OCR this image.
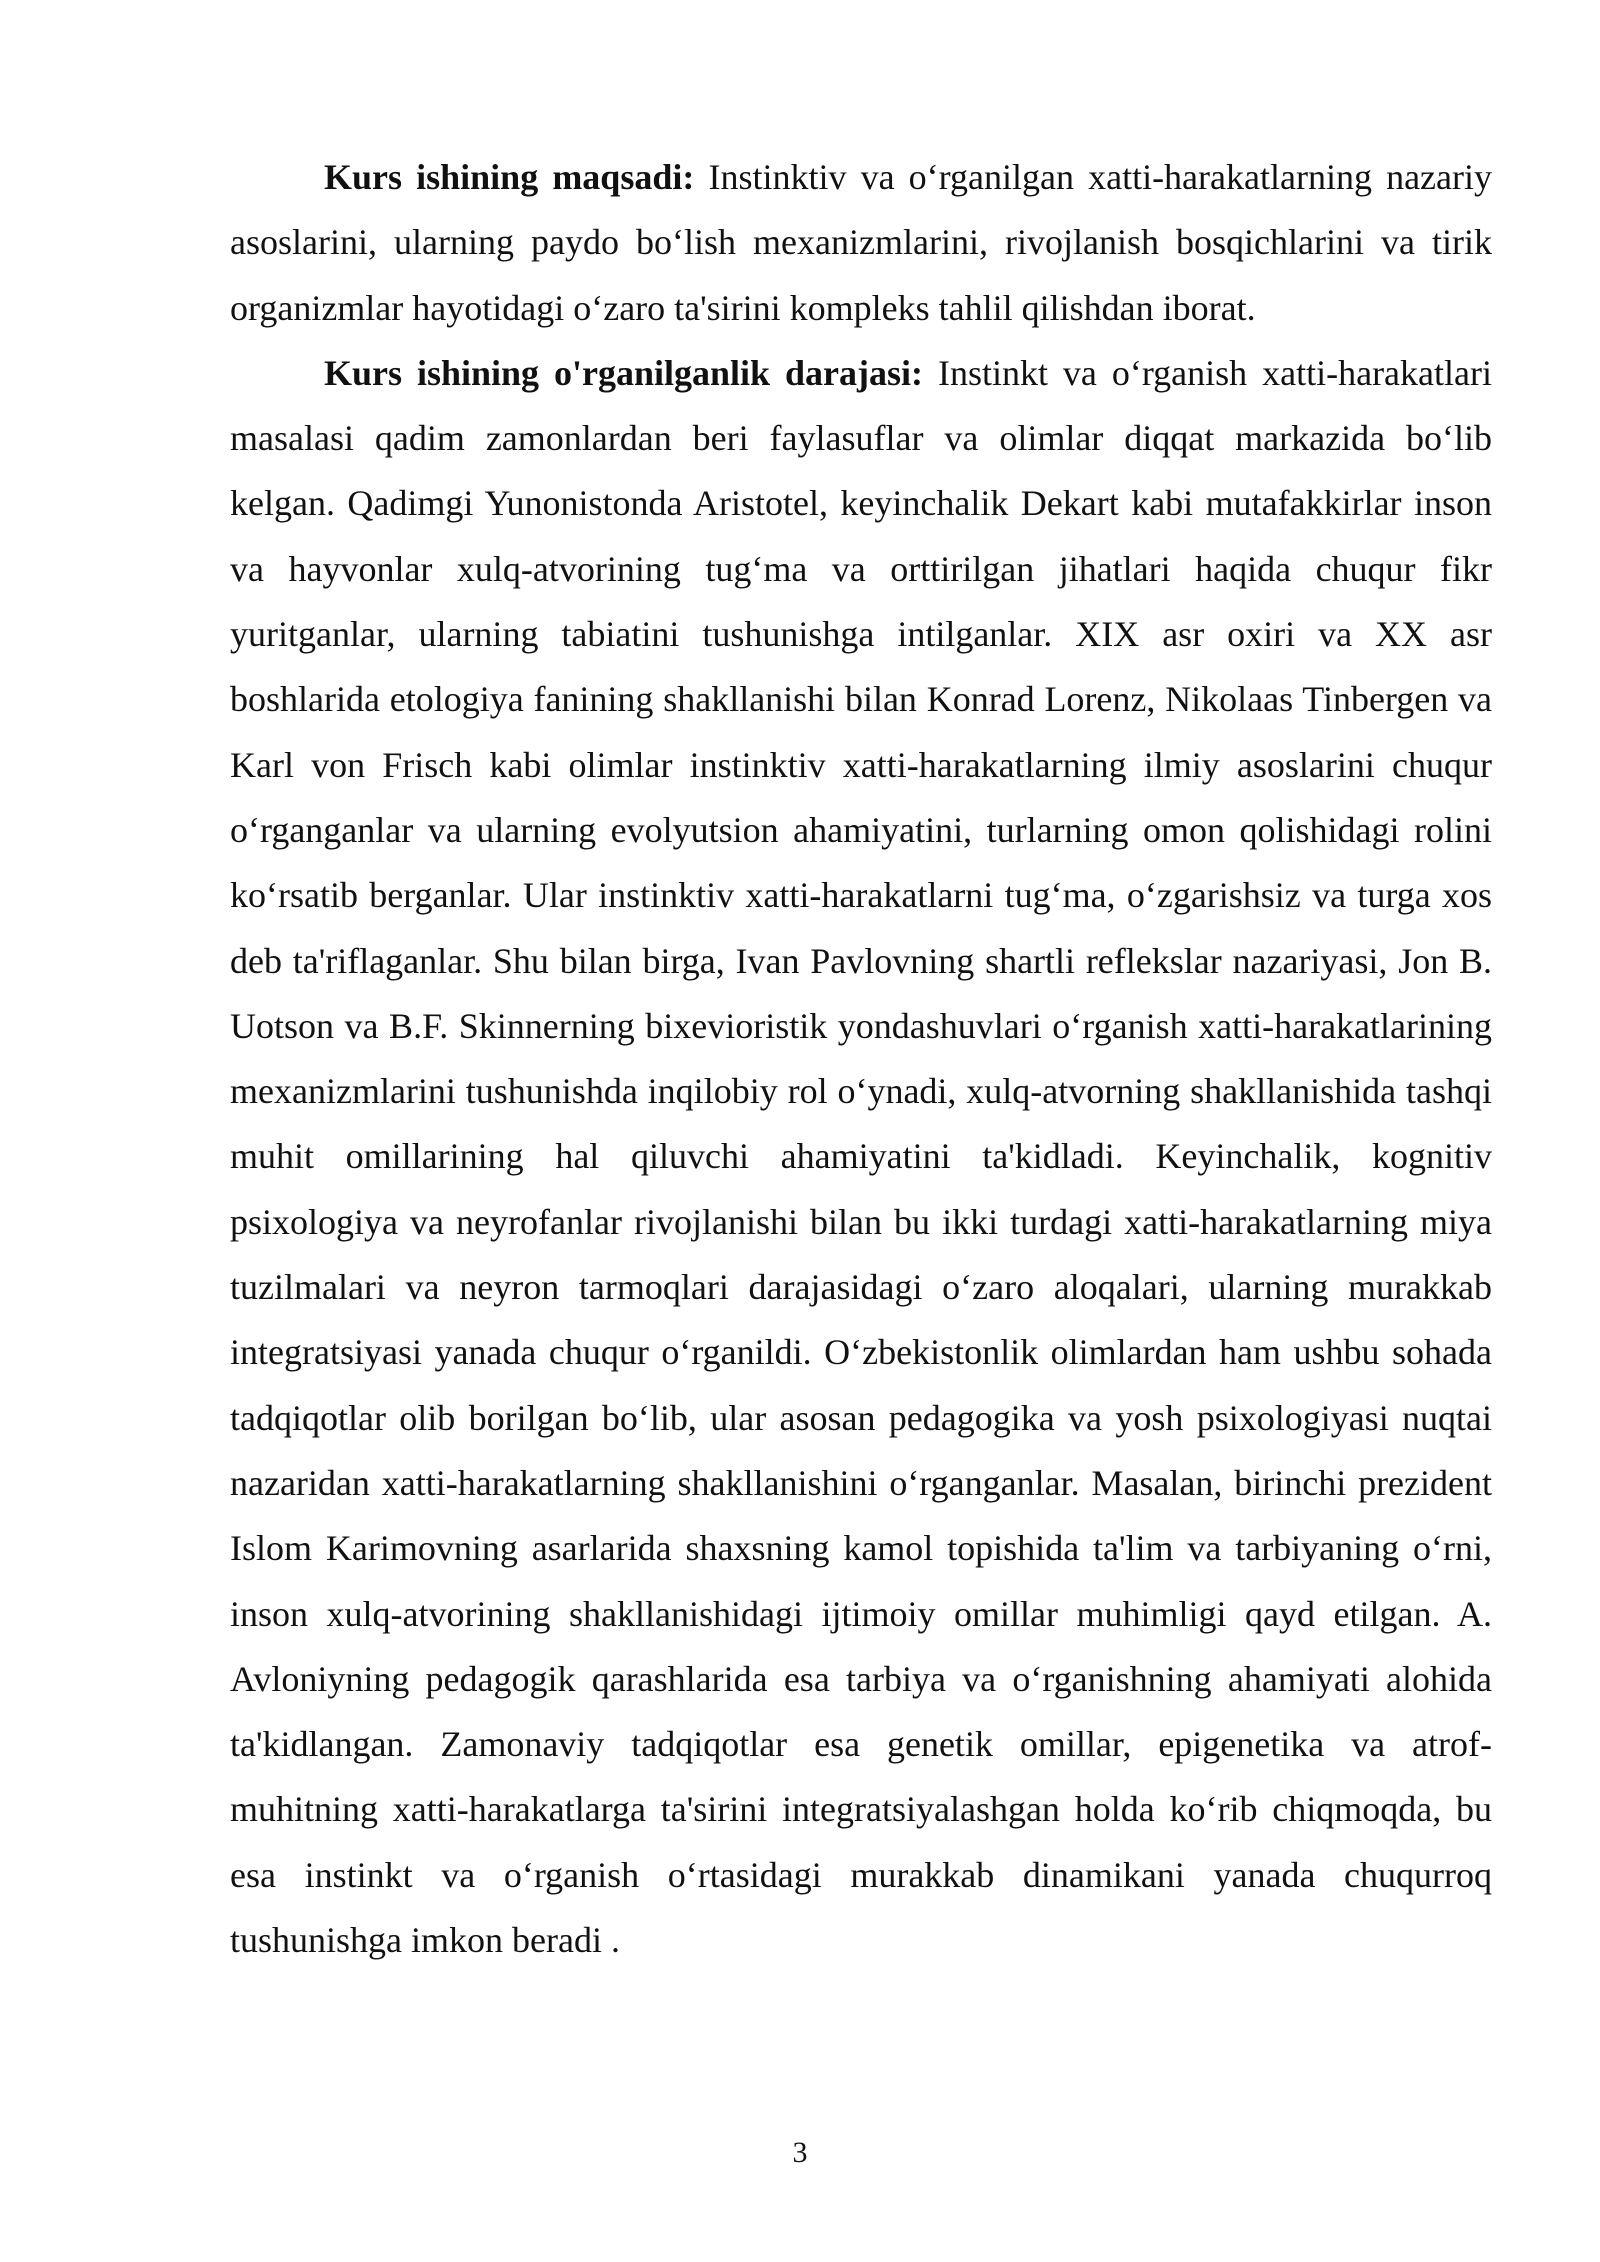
Kurs ishining maqsadi: Instinktiv va o‘rganilgan xatti-harakatlarning nazariy asoslarini, ularning paydo bo‘lish mexanizmlarini, rivojlanish bosqichlarini va tirik organizmlar hayotidagi o‘zaro ta'sirini kompleks tahlil qilishdan iborat.

Kurs ishining o'rganilganlik darajasi: Instinkt va o‘rganish xatti-harakatlari masalasi qadim zamonlardan beri faylasuflar va olimlar diqqat markazida bo‘lib kelgan. Qadimgi Yunonistonda Aristotel, keyinchalik Dekart kabi mutafakkirlar inson va hayvonlar xulq-atvorining tug‘ma va orttirilgan jihatlari haqida chuqur fikr yuritganlar, ularning tabiatini tushunishga intilganlar. XIX asr oxiri va XX asr boshlarida etologiya fanining shakllanishi bilan Konrad Lorenz, Nikolaas Tinbergen va Karl von Frisch kabi olimlar instinktiv xatti-harakatlarning ilmiy asoslarini chuqur o‘rganganlar va ularning evolyutsion ahamiyatini, turlarning omon qolishidagi rolini ko‘rsatib berganlar. Ular instinktiv xatti-harakatlarni tug‘ma, o‘zgarishsiz va turga xos deb ta'riflaganlar. Shu bilan birga, Ivan Pavlovning shartli reflekslar nazariyasi, Jon B. Uotson va B.F. Skinnerning bixevioristik yondashuvlari o‘rganish xatti-harakatlarining mexanizmlarini tushunishda inqilobiy rol o‘ynadi, xulq-atvorning shakllanishida tashqi muhit omillarining hal qiluvchi ahamiyatini ta'kidladi. Keyinchalik, kognitiv psixologiya va neyrofanlar rivojlanishi bilan bu ikki turdagi xatti-harakatlarning miya tuzilmalari va neyron tarmoqlari darajasidagi o‘zaro aloqalari, ularning murakkab integratsiyasi yanada chuqur o‘rganildi. O‘zbekistonlik olimlardan ham ushbu sohada tadqiqotlar olib borilgan bo‘lib, ular asosan pedagogika va yosh psixologiyasi nuqtai nazaridan xatti-harakatlarning shakllanishini o‘rganganlar. Masalan, birinchi prezident Islom Karimovning asarlarida shaxsning kamol topishida ta'lim va tarbiyaning o‘rni, inson xulq-atvorining shakllanishidagi ijtimoiy omillar muhimligi qayd etilgan. A. Avloniyning pedagogik qarashlarida esa tarbiya va o‘rganishning ahamiyati alohida ta'kidlangan. Zamonaviy tadqiqotlar esa genetik omillar, epigenetika va atrof-muhitning xatti-harakatlarga ta'sirini integratsiyalashgan holda ko‘rib chiqmoqda, bu esa instinkt va o‘rganish o‘rtasidagi murakkab dinamikani yanada chuqurroq tushunishga imkon beradi .

3
